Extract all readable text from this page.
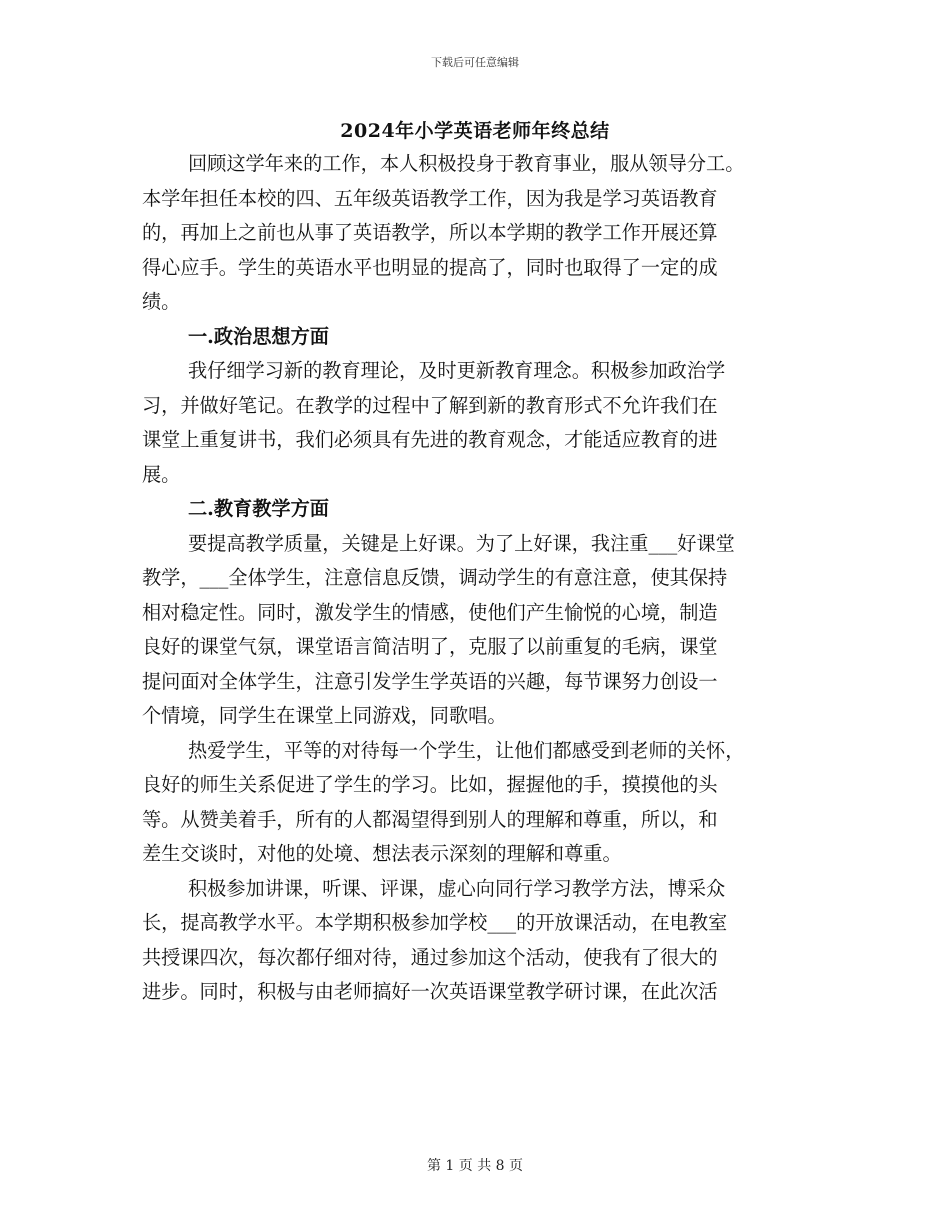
下载后可任意编辑
2024年小学英语老师年终总结
回顾这学年来的工作，本人积极投身于教育事业，服从领导分工。
本学年担任本校的四、五年级英语教学工作，因为我是学习英语教育
的，再加上之前也从事了英语教学，所以本学期的教学工作开展还算
得心应手。学生的英语水平也明显的提高了，同时也取得了一定的成
绩。
一.政治思想方面
我仔细学习新的教育理论，及时更新教育理念。积极参加政治学
习，并做好笔记。在教学的过程中了解到新的教育形式不允许我们在
课堂上重复讲书，我们必须具有先进的教育观念，才能适应教育的进
展。
二.教育教学方面
要提高教学质量，关键是上好课。为了上好课，我注重___好课堂
教学，___全体学生，注意信息反馈，调动学生的有意注意，使其保持
相对稳定性。同时，激发学生的情感，使他们产生愉悦的心境，制造
良好的课堂气氛，课堂语言简洁明了，克服了以前重复的毛病，课堂
提问面对全体学生，注意引发学生学英语的兴趣，每节课努力创设一
个情境，同学生在课堂上同游戏，同歌唱。
热爱学生，平等的对待每一个学生，让他们都感受到老师的关怀，
良好的师生关系促进了学生的学习。比如，握握他的手，摸摸他的头
等。从赞美着手，所有的人都渴望得到别人的理解和尊重，所以，和
差生交谈时，对他的处境、想法表示深刻的理解和尊重。
积极参加讲课，听课、评课，虚心向同行学习教学方法，博采众
长，提高教学水平。本学期积极参加学校___的开放课活动，在电教室
共授课四次，每次都仔细对待，通过参加这个活动，使我有了很大的
进步。同时，积极与由老师搞好一次英语课堂教学研讨课，在此次活
第 1 页 共 8 页
